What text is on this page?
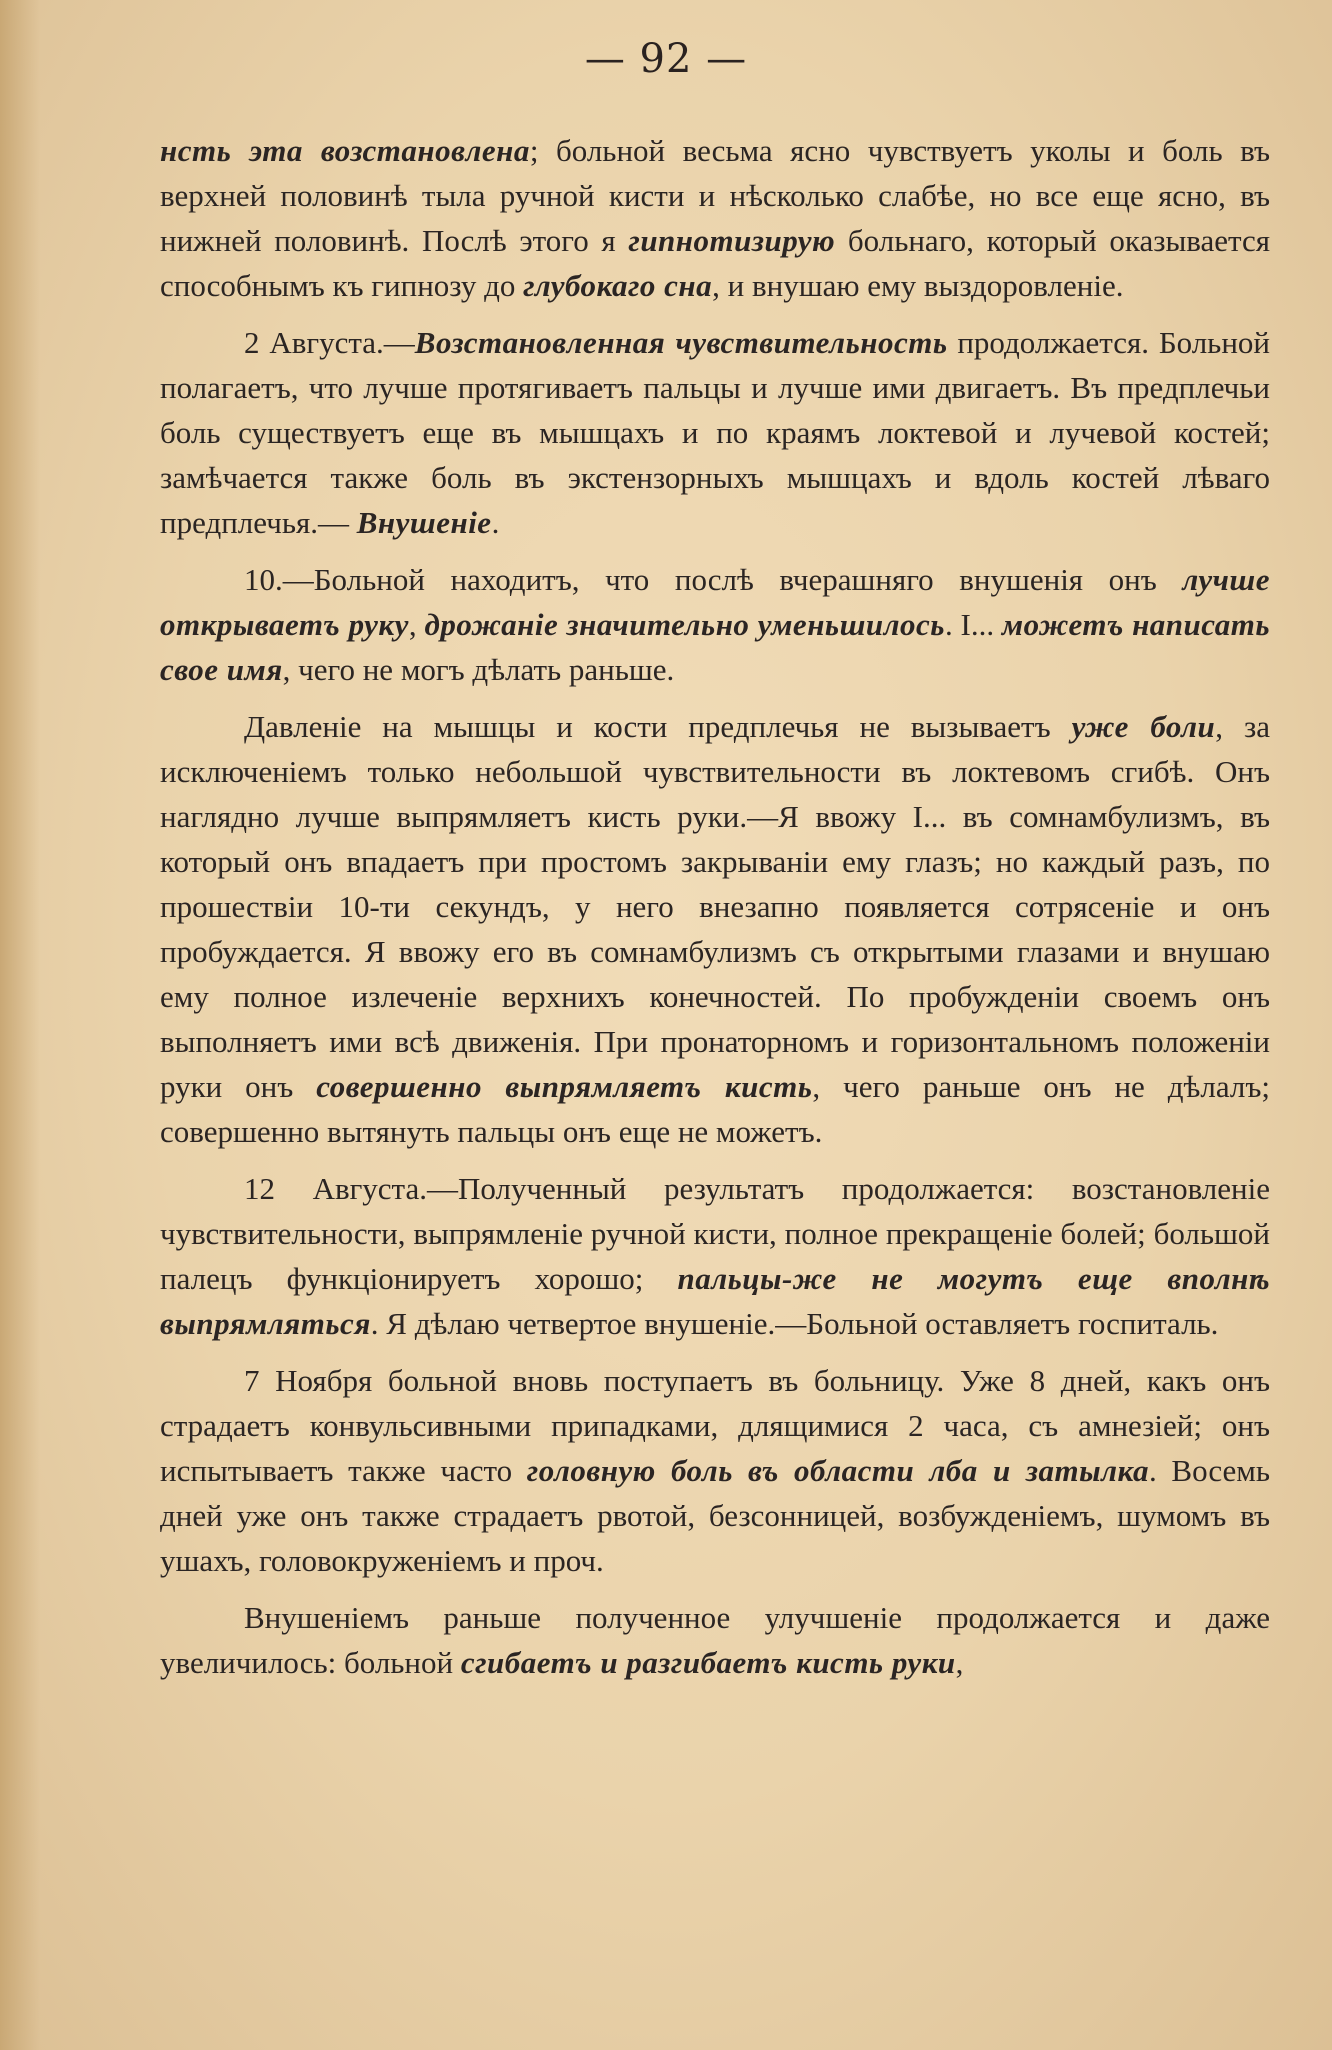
— 92 —

нсть эта возстановлена; больной весьма ясно чувствуетъ уколы и боль въ верхней половинѣ тыла ручной кисти и нѣсколько слабѣе, но все еще ясно, въ нижней половинѣ. Послѣ этого я гипнотизирую больнаго, который оказывается способнымъ къ гипнозу до глубокаго сна, и внушаю ему выздоровленіе.

2 Августа.—Возстановленная чувствительность продолжается. Больной полагаетъ, что лучше протягиваетъ пальцы и лучше ими двигаетъ. Въ предплечьи боль существуетъ еще въ мышцахъ и по краямъ локтевой и лучевой костей; замѣчается также боль въ экстензорныхъ мышцахъ и вдоль костей лѣваго предплечья.— Внушеніе.

10.—Больной находитъ, что послѣ вчерашняго внушенія онъ лучше открываетъ руку, дрожаніе значительно уменьшилось. I... можетъ написать свое имя, чего не могъ дѣлать раньше.

Давленіе на мышцы и кости предплечья не вызываетъ уже боли, за исключеніемъ только небольшой чувствительности въ локтевомъ сгибѣ. Онъ наглядно лучше выпрямляетъ кисть руки.—Я ввожу I... въ сомнамбулизмъ, въ который онъ впадаетъ при простомъ закрываніи ему глазъ; но каждый разъ, по прошествіи 10-ти секундъ, у него внезапно появляется сотрясеніе и онъ пробуждается. Я ввожу его въ сомнамбулизмъ съ открытыми глазами и внушаю ему полное излеченіе верхнихъ конечностей. По пробужденіи своемъ онъ выполняетъ ими всѣ движенія. При пронаторномъ и горизонтальномъ положеніи руки онъ совершенно выпрямляетъ кисть, чего раньше онъ не дѣлалъ; совершенно вытянуть пальцы онъ еще не можетъ.

12 Августа.—Полученный результатъ продолжается: возстановленіе чувствительности, выпрямленіе ручной кисти, полное прекращеніе болей; большой палецъ функціонируетъ хорошо; пальцы-же не могутъ еще вполнѣ выпрямляться. Я дѣлаю четвертое внушеніе.—Больной оставляетъ госпиталь.

7 Ноября больной вновь поступаетъ въ больницу. Уже 8 дней, какъ онъ страдаетъ конвульсивными припадками, длящимися 2 часа, съ амнезіей; онъ испытываетъ также часто головную боль въ области лба и затылка. Восемь дней уже онъ также страдаетъ рвотой, безсонницей, возбужденіемъ, шумомъ въ ушахъ, головокруженіемъ и проч.

Внушеніемъ раньше полученное улучшеніе продолжается и даже увеличилось: больной сгибаетъ и разгибаетъ кисть руки,
